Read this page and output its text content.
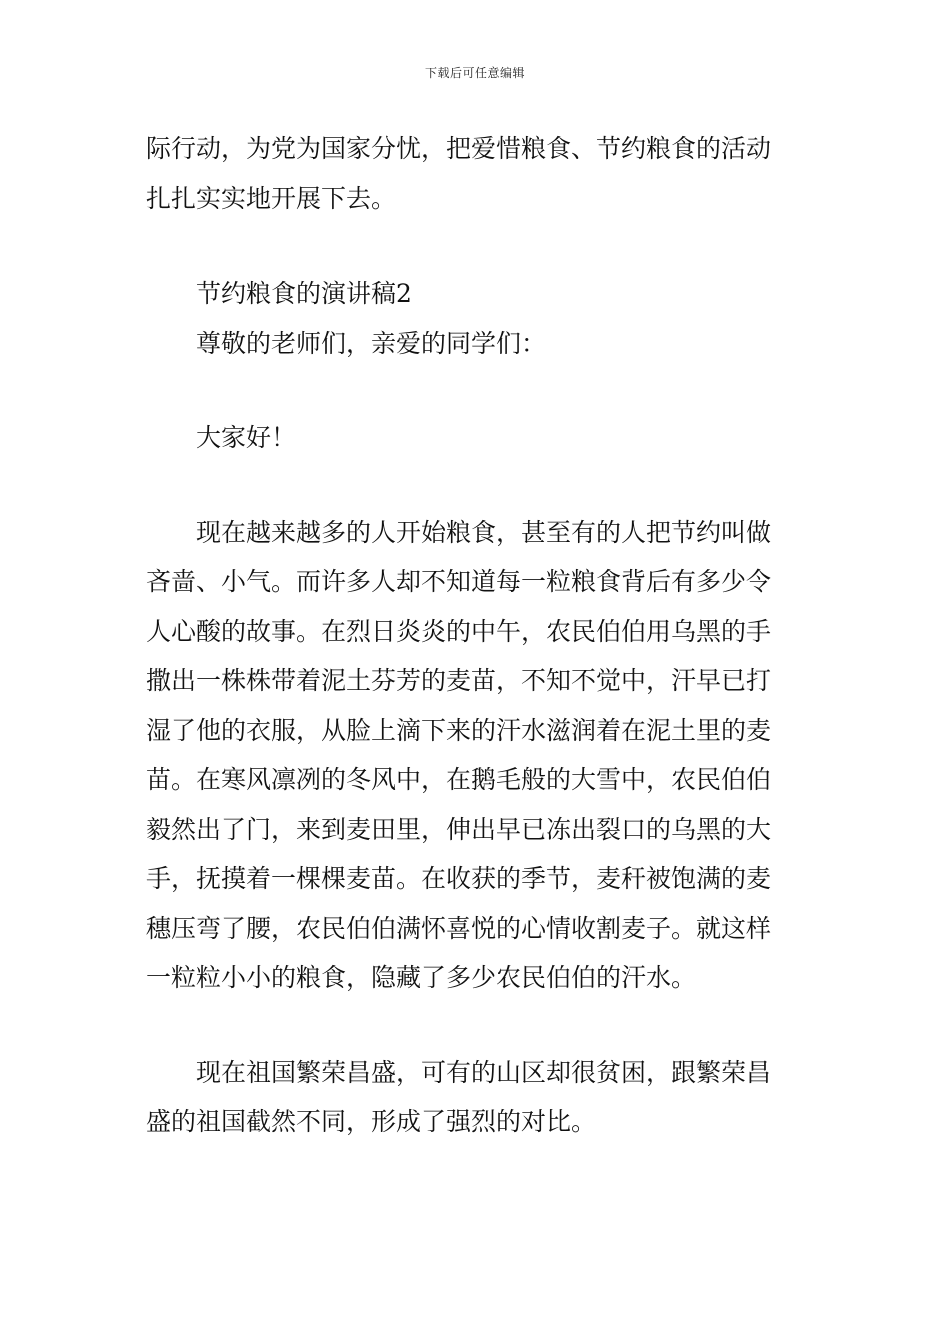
下载后可任意编辑
际行动，为党为国家分忧，把爱惜粮食、节约粮食的活动
扎扎实实地开展下去。
节约粮食的演讲稿2
尊敬的老师们，亲爱的同学们：
大家好！
现在越来越多的人开始粮食，甚至有的人把节约叫做
吝啬、小气。而许多人却不知道每一粒粮食背后有多少令
人心酸的故事。在烈日炎炎的中午，农民伯伯用乌黑的手
撒出一株株带着泥土芬芳的麦苗，不知不觉中，汗早已打
湿了他的衣服，从脸上滴下来的汗水滋润着在泥土里的麦
苗。在寒风凛冽的冬风中，在鹅毛般的大雪中，农民伯伯
毅然出了门，来到麦田里，伸出早已冻出裂口的乌黑的大
手，抚摸着一棵棵麦苗。在收获的季节，麦秆被饱满的麦
穗压弯了腰，农民伯伯满怀喜悦的心情收割麦子。就这样
一粒粒小小的粮食，隐藏了多少农民伯伯的汗水。
现在祖国繁荣昌盛，可有的山区却很贫困，跟繁荣昌
盛的祖国截然不同，形成了强烈的对比。
